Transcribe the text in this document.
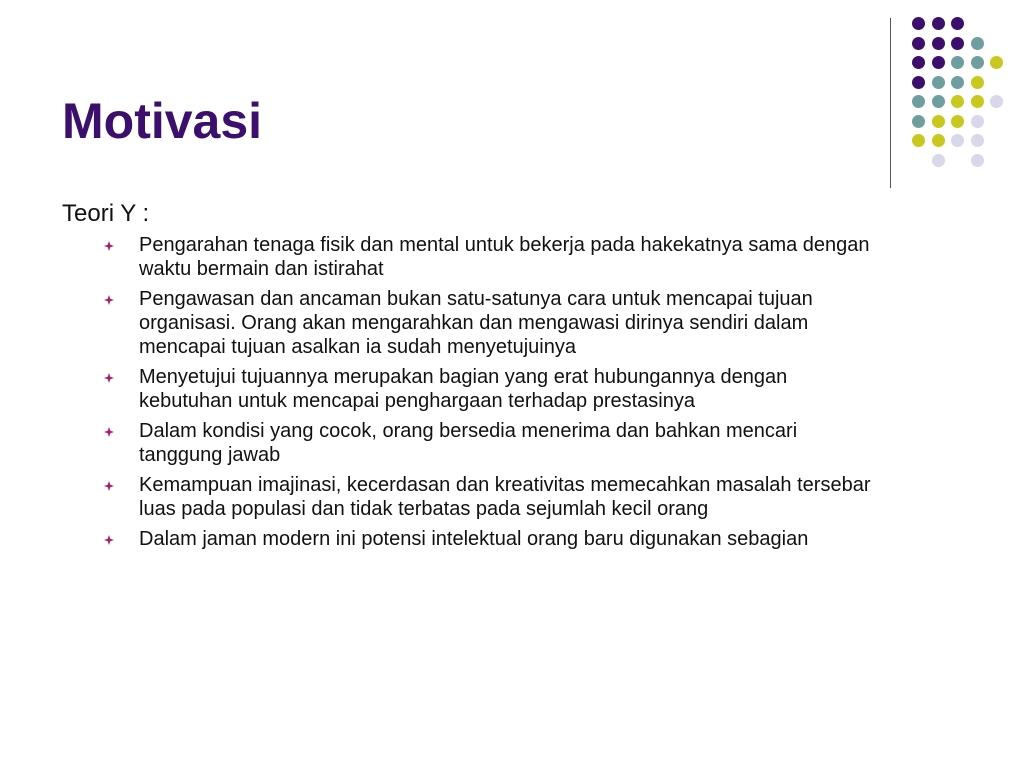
Motivasi

Teori Y :

Pengarahan tenaga fisik dan mental untuk bekerja pada hakekatnya sama dengan waktu bermain dan istirahat
Pengawasan dan ancaman bukan satu-satunya cara untuk mencapai tujuan organisasi. Orang akan mengarahkan dan mengawasi dirinya sendiri dalam mencapai tujuan asalkan ia sudah menyetujuinya
Menyetujui tujuannya merupakan bagian yang erat hubungannya dengan kebutuhan untuk mencapai penghargaan terhadap prestasinya
Dalam kondisi yang cocok, orang bersedia menerima dan bahkan mencari tanggung jawab
Kemampuan imajinasi, kecerdasan dan kreativitas memecahkan masalah tersebar luas pada populasi dan tidak terbatas pada sejumlah kecil orang
Dalam jaman modern ini potensi intelektual orang baru digunakan sebagian
